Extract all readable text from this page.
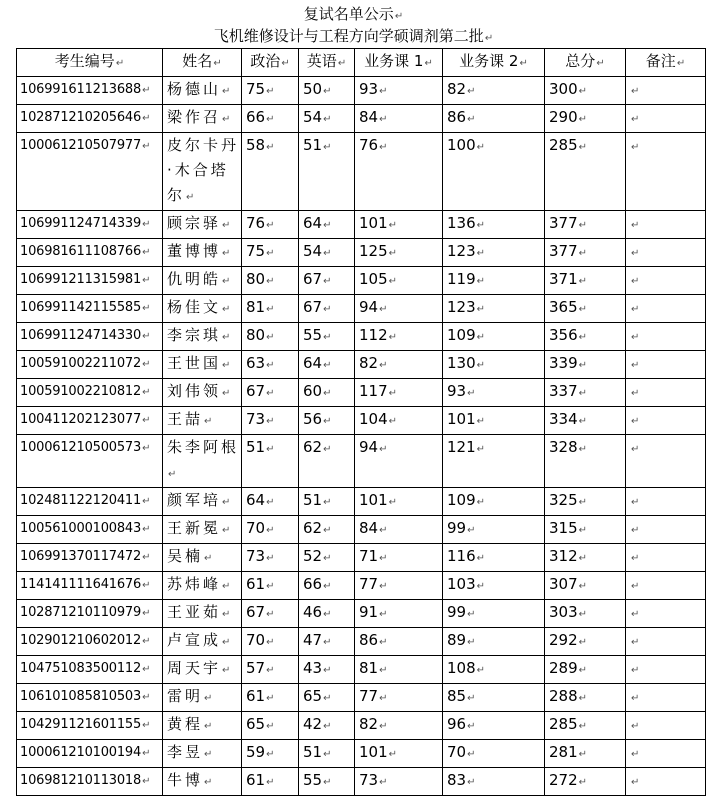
复试名单公示 ↵
飞机维修设计与工程方向学硕调剂第二批 ↵
考生编号 ↵	姓名 ↵	政治 ↵	英语 ↵	业务课 1 ↵	业务课 2 ↵	总分 ↵	备注 ↵
106991611213688 ↵	杨德山 ↵	75 ↵	50 ↵	93 ↵	82 ↵	300 ↵	↵
102871210205646 ↵	梁作召 ↵	66 ↵	54 ↵	84 ↵	86 ↵	290 ↵	↵
100061210507977 ↵	皮尔卡丹·木合塔尔 ↵	58 ↵	51 ↵	76 ↵	100 ↵	285 ↵	↵
106991124714339 ↵	顾宗驿 ↵	76 ↵	64 ↵	101 ↵	136 ↵	377 ↵	↵
106981611108766 ↵	董博博 ↵	75 ↵	54 ↵	125 ↵	123 ↵	377 ↵	↵
106991211315981 ↵	仇明皓 ↵	80 ↵	67 ↵	105 ↵	119 ↵	371 ↵	↵
106991142115585 ↵	杨佳文 ↵	81 ↵	67 ↵	94 ↵	123 ↵	365 ↵	↵
106991124714330 ↵	李宗琪 ↵	80 ↵	55 ↵	112 ↵	109 ↵	356 ↵	↵
100591002211072 ↵	王世国 ↵	63 ↵	64 ↵	82 ↵	130 ↵	339 ↵	↵
100591002210812 ↵	刘伟领 ↵	67 ↵	60 ↵	117 ↵	93 ↵	337 ↵	↵
100411202123077 ↵	王喆 ↵	73 ↵	56 ↵	104 ↵	101 ↵	334 ↵	↵
100061210500573 ↵	朱李阿根 ↵	51 ↵	62 ↵	94 ↵	121 ↵	328 ↵	↵
102481122120411 ↵	颜军培 ↵	64 ↵	51 ↵	101 ↵	109 ↵	325 ↵	↵
100561000100843 ↵	王新冕 ↵	70 ↵	62 ↵	84 ↵	99 ↵	315 ↵	↵
106991370117472 ↵	吴楠 ↵	73 ↵	52 ↵	71 ↵	116 ↵	312 ↵	↵
114141111641676 ↵	苏炜峰 ↵	61 ↵	66 ↵	77 ↵	103 ↵	307 ↵	↵
102871210110979 ↵	王亚茹 ↵	67 ↵	46 ↵	91 ↵	99 ↵	303 ↵	↵
102901210602012 ↵	卢宣成 ↵	70 ↵	47 ↵	86 ↵	89 ↵	292 ↵	↵
104751083500112 ↵	周天宇 ↵	57 ↵	43 ↵	81 ↵	108 ↵	289 ↵	↵
106101085810503 ↵	雷明 ↵	61 ↵	65 ↵	77 ↵	85 ↵	288 ↵	↵
104291121601155 ↵	黄程 ↵	65 ↵	42 ↵	82 ↵	96 ↵	285 ↵	↵
100061210100194 ↵	李昱 ↵	59 ↵	51 ↵	101 ↵	70 ↵	281 ↵	↵
106981210113018 ↵	牛博 ↵	61 ↵	55 ↵	73 ↵	83 ↵	272 ↵	↵
